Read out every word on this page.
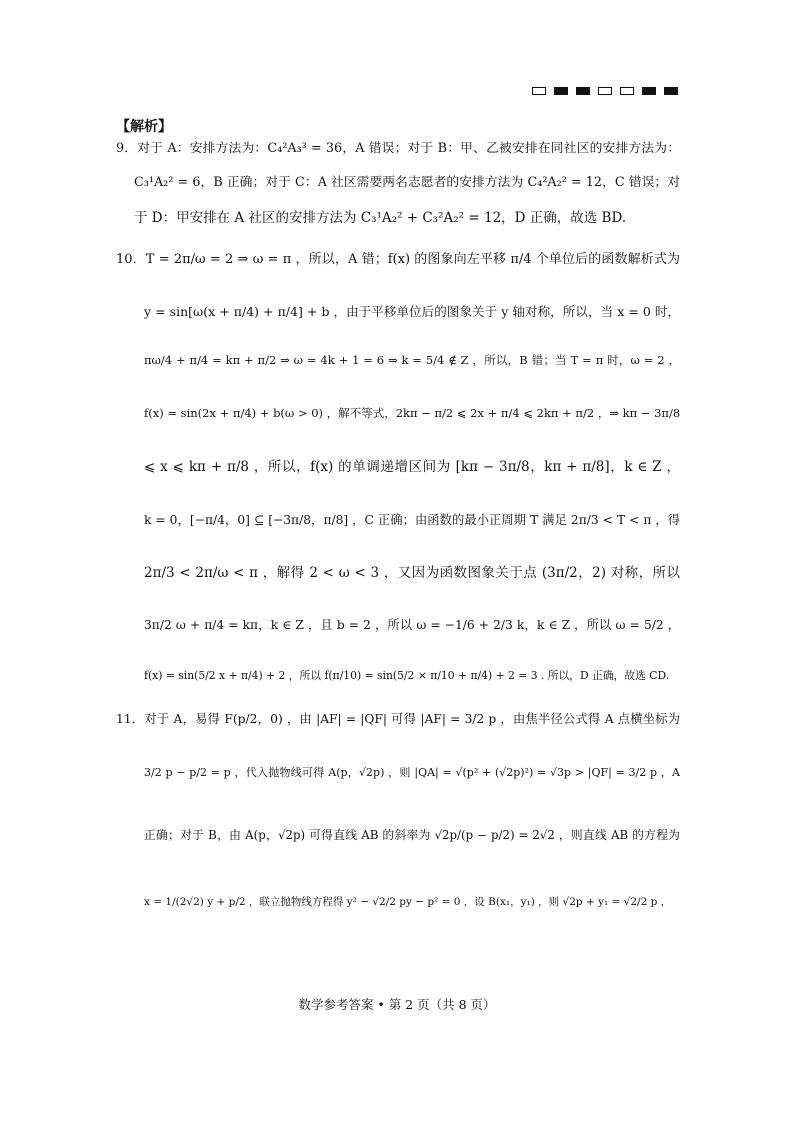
【解析】
9．对于 A：安排方法为：C₄²A₃³ = 36，A 错误；对于 B：甲、乙被安排在同社区的安排方法为：
C₃¹A₂² = 6，B 正确；对于 C：A 社区需要两名志愿者的安排方法为 C₄²A₂² = 12，C 错误；对
于 D：甲安排在 A 社区的安排方法为 C₃¹A₂² + C₃²A₂² = 12，D 正确，故选 BD.
10．T = 2π/ω = 2 ⇒ ω = π ，所以，A 错；f(x) 的图象向左平移 π/4 个单位后的函数解析式为
y = sin[ω(x + π/4) + π/4] + b ，由于平移单位后的图象关于 y 轴对称，所以，当 x = 0 时，
πω/4 + π/4 = kπ + π/2 ⇒ ω = 4k + 1 = 6 ⇒ k = 5/4 ∉ Z ，所以，B 错；当 T = π 时，ω = 2 ，
f(x) = sin(2x + π/4) + b(ω > 0) ，解不等式，2kπ − π/2 ⩽ 2x + π/4 ⩽ 2kπ + π/2 ，⇒ kπ − 3π/8
⩽ x ⩽ kπ + π/8 ，所以，f(x) 的单调递增区间为 [kπ − 3π/8，kπ + π/8]，k ∈ Z ，
k = 0，[−π/4，0] ⊆ [−3π/8，π/8] ，C 正确；由函数的最小正周期 T 满足 2π/3 < T < π ，得
2π/3 < 2π/ω < π ，解得 2 < ω < 3 ，又因为函数图象关于点 (3π/2，2) 对称，所以
3π/2 ω + π/4 = kπ，k ∈ Z ，且 b = 2 ，所以 ω = −1/6 + 2/3 k，k ∈ Z ，所以 ω = 5/2 ，
f(x) = sin(5/2 x + π/4) + 2 ，所以 f(π/10) = sin(5/2 × π/10 + π/4) + 2 = 3 . 所以，D 正确，故选 CD.
11．对于 A，易得 F(p/2，0) ，由 |AF| = |QF| 可得 |AF| = 3/2 p ，由焦半径公式得 A 点横坐标为
3/2 p − p/2 = p ，代入抛物线可得 A(p，√2p) ，则 |QA| = √(p² + (√2p)²) = √3p > |QF| = 3/2 p ，A
正确；对于 B，由 A(p，√2p) 可得直线 AB 的斜率为 √2p/(p − p/2) = 2√2 ，则直线 AB 的方程为
x = 1/(2√2) y + p/2 ，联立抛物线方程得 y² − √2/2 py − p² = 0 ，设 B(x₁，y₁) ，则 √2p + y₁ = √2/2 p ，
数学参考答案 • 第 2 页（共 8 页）
